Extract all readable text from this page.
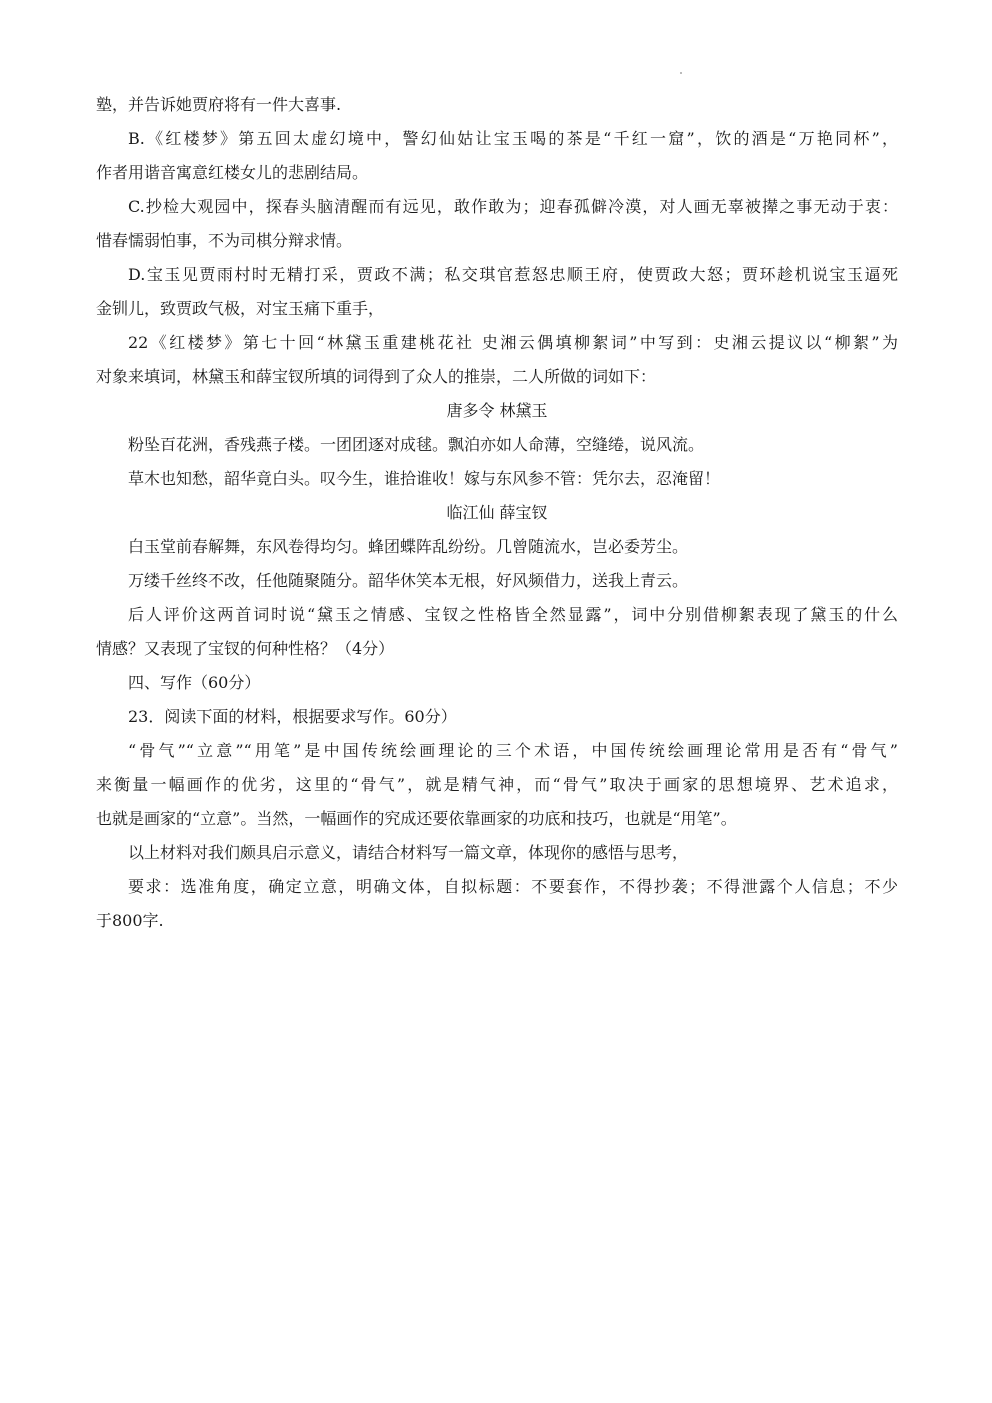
塾，并告诉她贾府将有一件大喜事.
B.《红楼梦》第五回太虚幻境中，警幻仙姑让宝玉喝的茶是“千红一窟”，饮的酒是“万艳同杯”，
作者用谐音寓意红楼女儿的悲剧结局。
C.抄检大观园中，探春头脑清醒而有远见，敢作敢为；迎春孤僻冷漠，对人画无辜被撵之事无动于衷：
惜春懦弱怕事，不为司棋分辩求情。
D.宝玉见贾雨村时无精打采，贾政不满；私交琪官惹怒忠顺王府，使贾政大怒；贾环趁机说宝玉逼死
金钏儿，致贾政气极，对宝玉痛下重手，
22《红楼梦》第七十回“林黛玉重建桃花社 史湘云偶填柳絮词”中写到：史湘云提议以“柳絮”为
对象来填词，林黛玉和薛宝钗所填的词得到了众人的推崇，二人所做的词如下：
唐多令 林黛玉
粉坠百花洲，香残燕子楼。一团团逐对成毬。飘泊亦如人命薄，空缝绻，说风流。
草木也知愁，韶华竟白头。叹今生，谁拾谁收！嫁与东风参不管：凭尔去，忍淹留！
临江仙 薛宝钗
白玉堂前春解舞，东风卷得均匀。蜂团蝶阵乱纷纷。几曾随流水，岂必委芳尘。
万缕千丝终不改，任他随聚随分。韶华休笑本无根，好风频借力，送我上青云。
后人评价这两首词时说“黛玉之情感、宝钗之性格皆全然显露”，词中分别借柳絮表现了黛玉的什么
情感？又表现了宝钗的何种性格？（4分）
四、写作（60分）
23．阅读下面的材料，根据要求写作。60分）
“骨气”“立意”“用笔”是中国传统绘画理论的三个术语，中国传统绘画理论常用是否有“骨气”
来衡量一幅画作的优劣，这里的“骨气”，就是精气神，而“骨气”取决于画家的思想境界、艺术追求，
也就是画家的“立意”。当然，一幅画作的究成还要依靠画家的功底和技巧，也就是“用笔”。
以上材料对我们颇具启示意义，请结合材料写一篇文章，体现你的感悟与思考，
要求：选准角度，确定立意，明确文体，自拟标题：不要套作，不得抄袭；不得泄露个人信息；不少
于800字.
